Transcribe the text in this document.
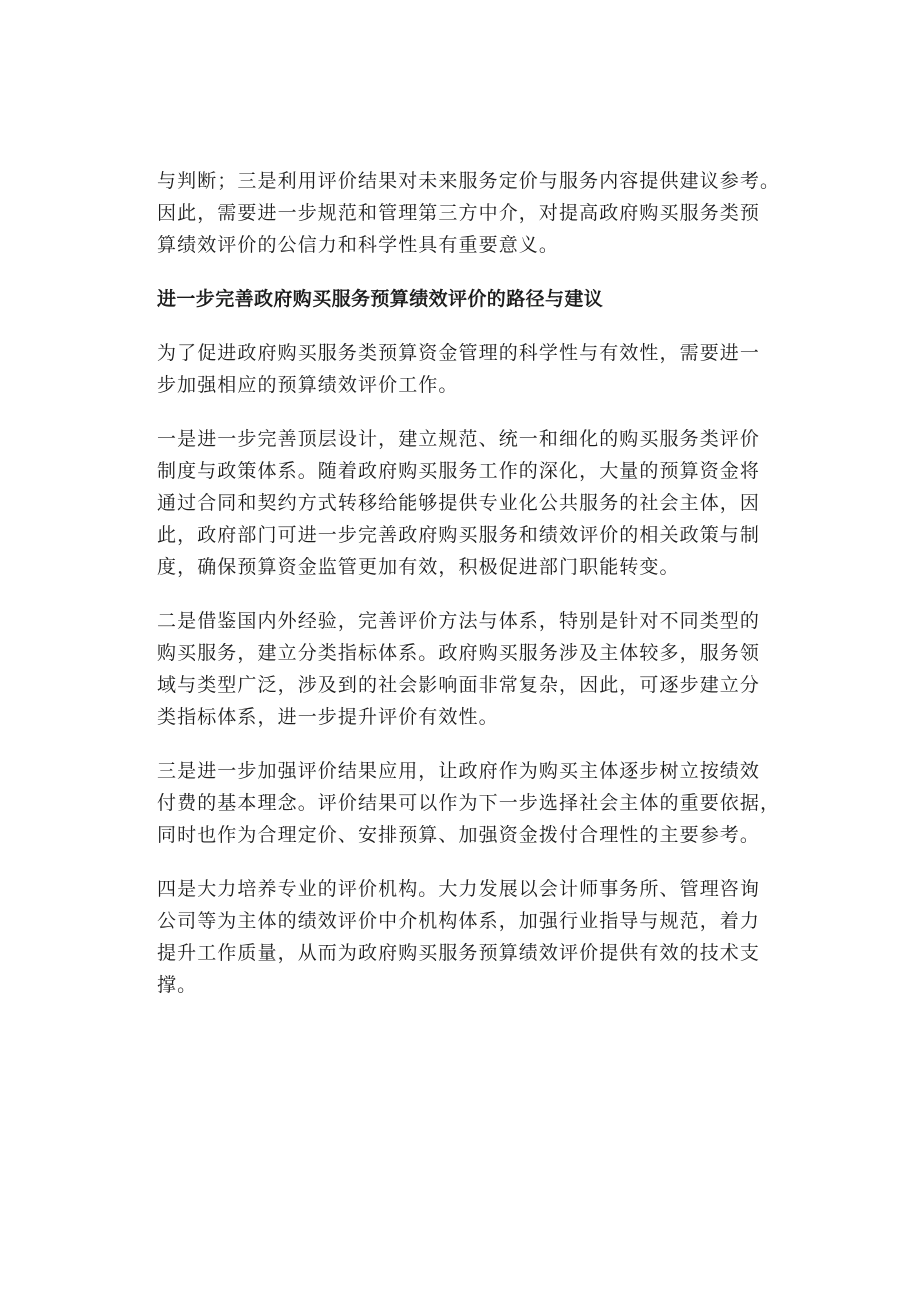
与判断；三是利用评价结果对未来服务定价与服务内容提供建议参考。
因此，需要进一步规范和管理第三方中介，对提高政府购买服务类预
算绩效评价的公信力和科学性具有重要意义。

进一步完善政府购买服务预算绩效评价的路径与建议

为了促进政府购买服务类预算资金管理的科学性与有效性，需要进一
步加强相应的预算绩效评价工作。

一是进一步完善顶层设计，建立规范、统一和细化的购买服务类评价
制度与政策体系。随着政府购买服务工作的深化，大量的预算资金将
通过合同和契约方式转移给能够提供专业化公共服务的社会主体，因
此，政府部门可进一步完善政府购买服务和绩效评价的相关政策与制
度，确保预算资金监管更加有效，积极促进部门职能转变。

二是借鉴国内外经验，完善评价方法与体系，特别是针对不同类型的
购买服务，建立分类指标体系。政府购买服务涉及主体较多，服务领
域与类型广泛，涉及到的社会影响面非常复杂，因此，可逐步建立分
类指标体系，进一步提升评价有效性。

三是进一步加强评价结果应用，让政府作为购买主体逐步树立按绩效
付费的基本理念。评价结果可以作为下一步选择社会主体的重要依据，
同时也作为合理定价、安排预算、加强资金拨付合理性的主要参考。

四是大力培养专业的评价机构。大力发展以会计师事务所、管理咨询
公司等为主体的绩效评价中介机构体系，加强行业指导与规范，着力
提升工作质量，从而为政府购买服务预算绩效评价提供有效的技术支
撑。
